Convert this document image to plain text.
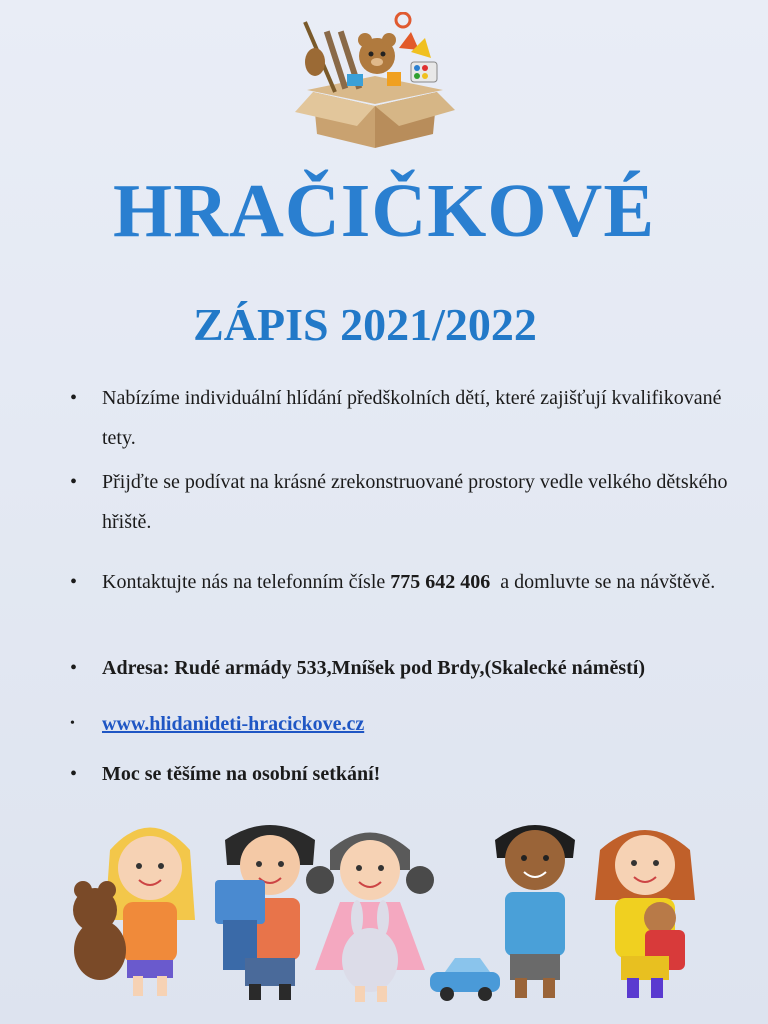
HRAČIČKOVÉ
ZÁPIS 2021/2022
•	Nabízíme individuální hlídání předškolních dětí, které zajišťují kvalifikované tety.
•	Přijďte se podívat na krásné zrekonstruované prostory vedle velkého dětského hřiště.
•	Kontaktujte nás na telefonním čísle 775 642 406 a domluvte se na návštěvě.
•	Adresa: Rudé armády 533,Mníšek pod Brdy,(Skalecké náměstí)
•	www.hlidanideti-hracickove.cz
•	Moc se těšíme na osobní setkání!
